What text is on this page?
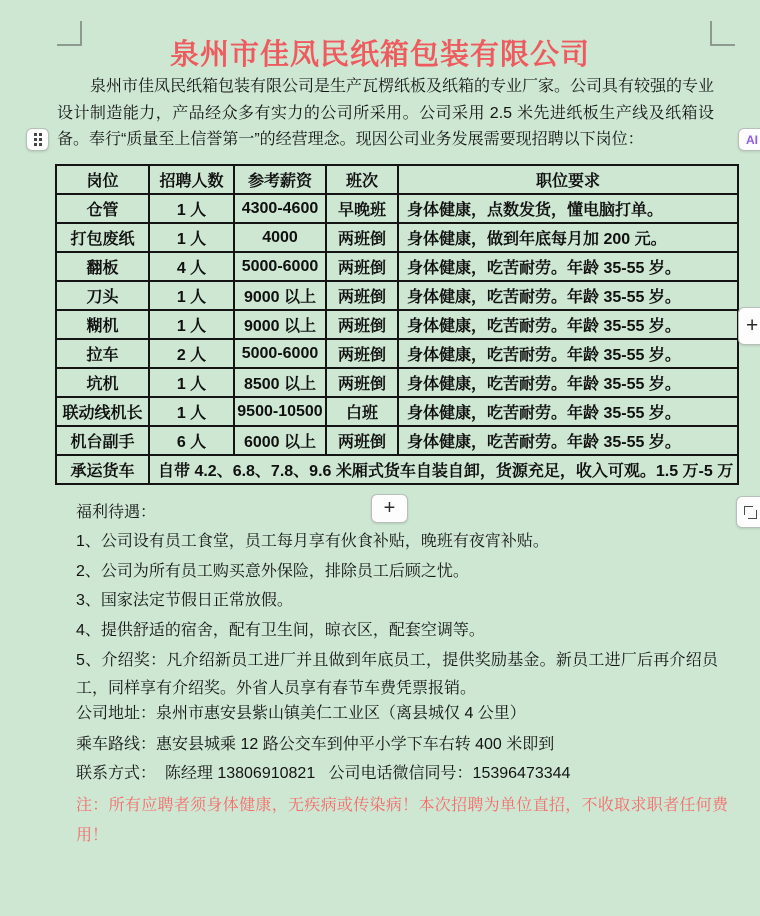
泉州市佳凤民纸箱包装有限公司
泉州市佳凤民纸箱包装有限公司是生产瓦楞纸板及纸箱的专业厂家。公司具有较强的专业设计制造能力，产品经众多有实力的公司所采用。公司采用 2.5 米先进纸板生产线及纸箱设备。奉行“质量至上信誉第一”的经营理念。现因公司业务发展需要现招聘以下岗位：
岗位	招聘人数	参考薪资	班次	职位要求
仓管	1 人	4300-4600	早晚班	身体健康，点数发货，懂电脑打单。
打包废纸	1 人	4000	两班倒	身体健康，做到年底每月加 200 元。
翻板	4 人	5000-6000	两班倒	身体健康，吃苦耐劳。年龄 35-55 岁。
刀头	1 人	9000 以上	两班倒	身体健康，吃苦耐劳。年龄 35-55 岁。
糊机	1 人	9000 以上	两班倒	身体健康，吃苦耐劳。年龄 35-55 岁。
拉车	2 人	5000-6000	两班倒	身体健康，吃苦耐劳。年龄 35-55 岁。
坑机	1 人	8500 以上	两班倒	身体健康，吃苦耐劳。年龄 35-55 岁。
联动线机长	1 人	9500-10500	白班	身体健康，吃苦耐劳。年龄 35-55 岁。
机台副手	6 人	6000 以上	两班倒	身体健康，吃苦耐劳。年龄 35-55 岁。
承运货车	自带 4.2、6.8、7.8、9.6 米厢式货车自装自卸，货源充足，收入可观。1.5 万-5 万			
福利待遇：
1、公司设有员工食堂，员工每月享有伙食补贴，晚班有夜宵补贴。
2、公司为所有员工购买意外保险，排除员工后顾之忧。
3、国家法定节假日正常放假。
4、提供舒适的宿舍，配有卫生间，晾衣区，配套空调等。
5、介绍奖：凡介绍新员工进厂并且做到年底员工，提供奖励基金。新员工进厂后再介绍员工，同样享有介绍奖。外省人员享有春节车费凭票报销。
公司地址：泉州市惠安县紫山镇美仁工业区（离县城仅 4 公里）
乘车路线：惠安县城乘 12 路公交车到仲平小学下车右转 400 米即到
联系方式：  陈经理 13806910821   公司电话微信同号：15396473344
注：所有应聘者须身体健康，无疾病或传染病！本次招聘为单位直招，不收取求职者任何费用！
AI
+
+
